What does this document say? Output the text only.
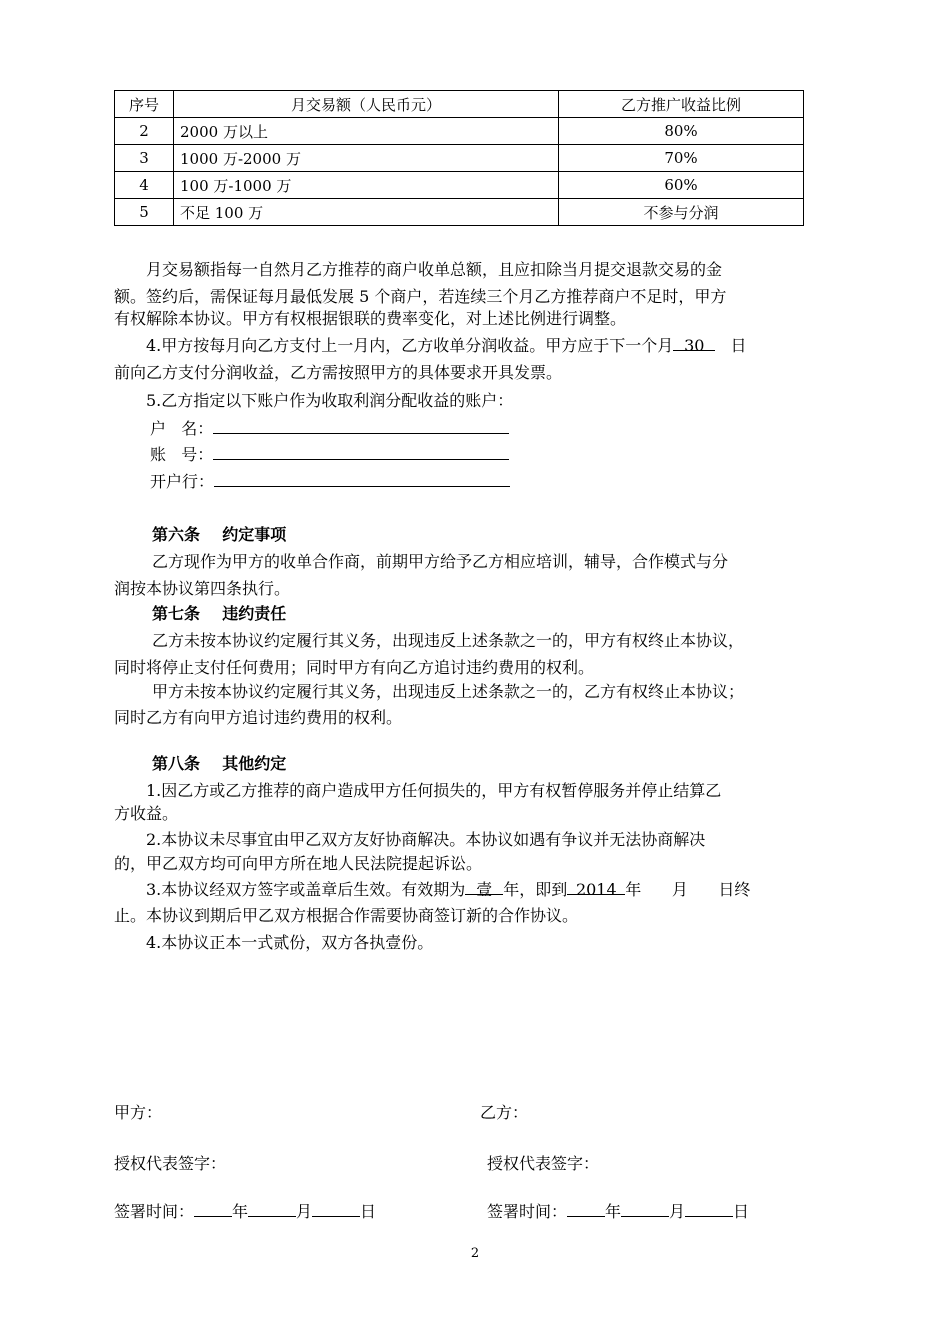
序号	月交易额（人民币元）	乙方推广收益比例
2	2000 万以上	80%
3	1000 万-2000 万	70%
4	100 万-1000 万	60%
5	不足 100 万	不参与分润
月交易额指每一自然月乙方推荐的商户收单总额，且应扣除当月提交退款交易的金
额。签约后，需保证每月最低发展 5 个商户，若连续三个月乙方推荐商户不足时，甲方
有权解除本协议。甲方有权根据银联的费率变化，对上述比例进行调整。
4.甲方按每月向乙方支付上一月内，乙方收单分润收益。甲方应于下一个月 30 日
前向乙方支付分润收益，乙方需按照甲方的具体要求开具发票。
5.乙方指定以下账户作为收取利润分配收益的账户：
户   名：
账   号：
开户行：
第六条    约定事项
乙方现作为甲方的收单合作商，前期甲方给予乙方相应培训，辅导，合作模式与分
润按本协议第四条执行。
第七条    违约责任
乙方未按本协议约定履行其义务，出现违反上述条款之一的，甲方有权终止本协议，
同时将停止支付任何费用；同时甲方有向乙方追讨违约费用的权利。
甲方未按本协议约定履行其义务，出现违反上述条款之一的，乙方有权终止本协议；
同时乙方有向甲方追讨违约费用的权利。
第八条    其他约定
1.因乙方或乙方推荐的商户造成甲方任何损失的，甲方有权暂停服务并停止结算乙
方收益。
2.本协议未尽事宜由甲乙双方友好协商解决。本协议如遇有争议并无法协商解决
的，甲乙双方均可向甲方所在地人民法院提起诉讼。
3.本协议经双方签字或盖章后生效。有效期为 壹 年，即到 2014 年      月      日终
止。本协议到期后甲乙双方根据合作需要协商签订新的合作协议。
4.本协议正本一式贰份，双方各执壹份。
甲方：	乙方：
授权代表签字：	授权代表签字：
签署时间： 年	月	日	签署时间： 年	月	日
2
